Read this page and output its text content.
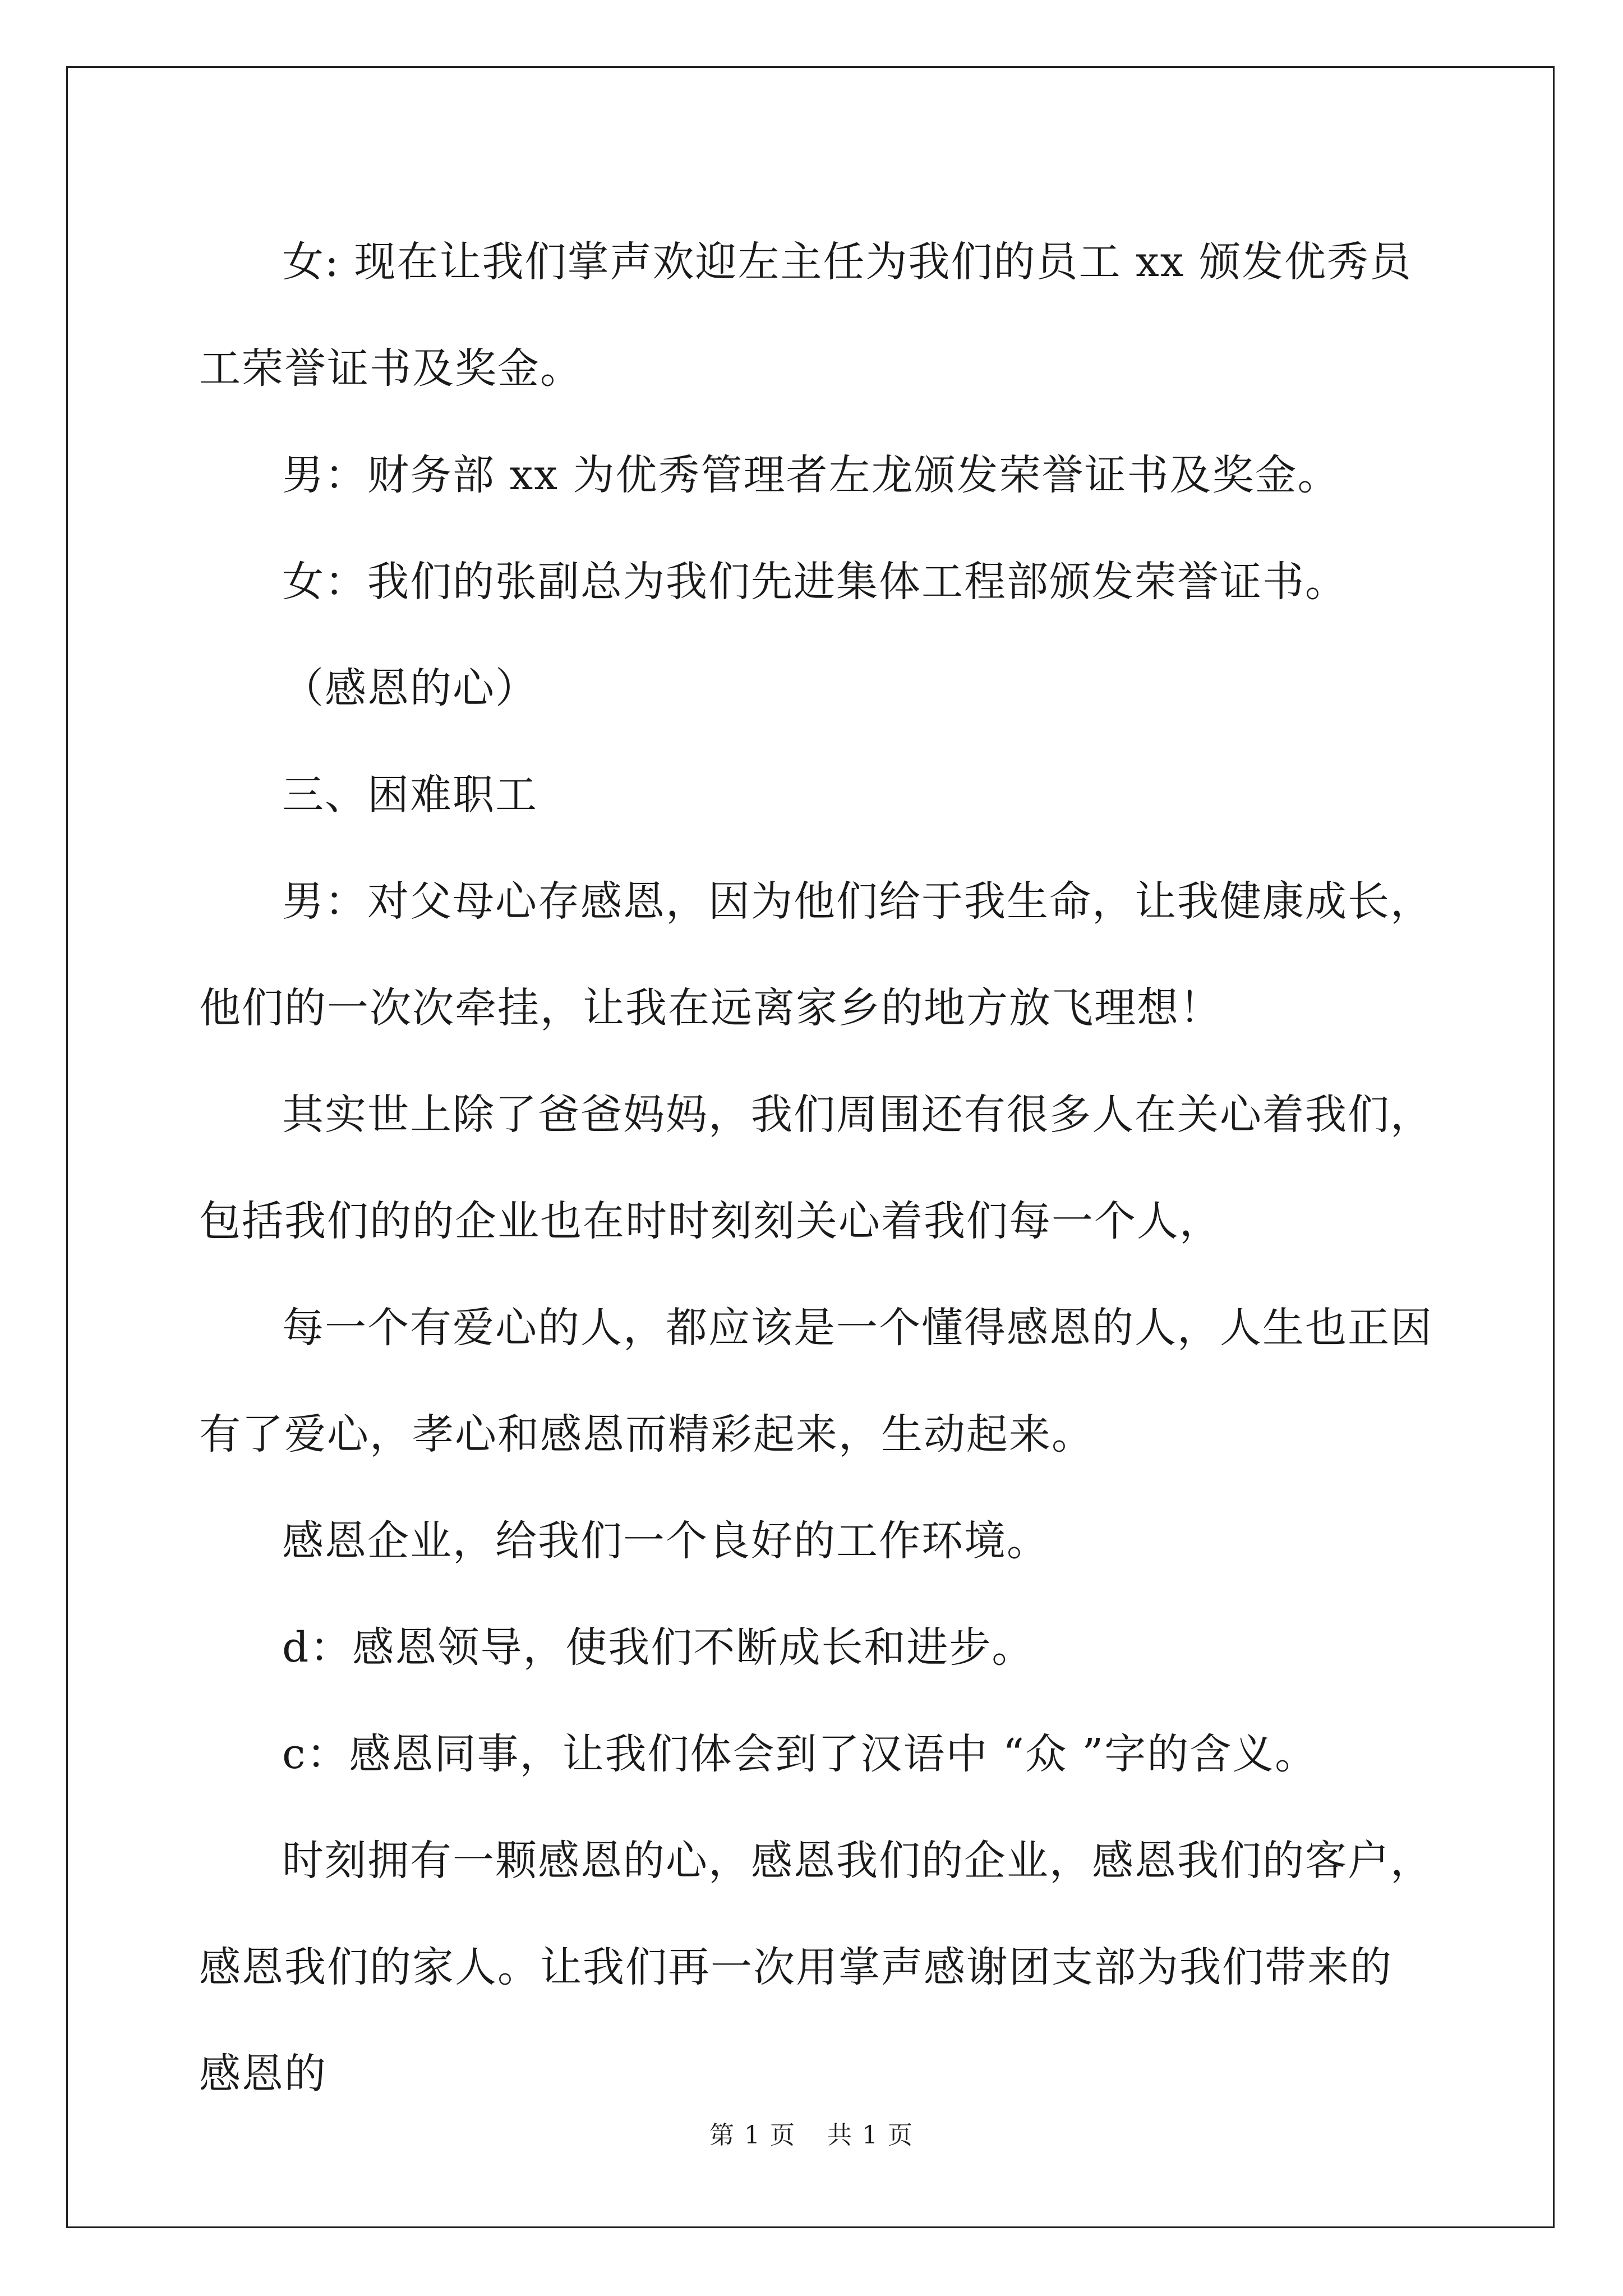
女: 现在让我们掌声欢迎左主任为我们的员工 xx 颁发优秀员工荣誉证书及奖金。

男：财务部 xx 为优秀管理者左龙颁发荣誉证书及奖金。

女：我们的张副总为我们先进集体工程部颁发荣誉证书。

（感恩的心）

三、困难职工

男：对父母心存感恩，因为他们给于我生命，让我健康成长，他们的一次次牵挂，让我在远离家乡的地方放飞理想！

其实世上除了爸爸妈妈，我们周围还有很多人在关心着我们，包括我们的的企业也在时时刻刻关心着我们每一个人，

每一个有爱心的人，都应该是一个懂得感恩的人，人生也正因有了爱心，孝心和感恩而精彩起来，生动起来。

感恩企业，给我们一个良好的工作环境。

d：感恩领导，使我们不断成长和进步。

c：感恩同事，让我们体会到了汉语中 “众 ”字的含义。

时刻拥有一颗感恩的心，感恩我们的企业，感恩我们的客户，感恩我们的家人。让我们再一次用掌声感谢团支部为我们带来的感恩的

第 1 页 共 1 页
